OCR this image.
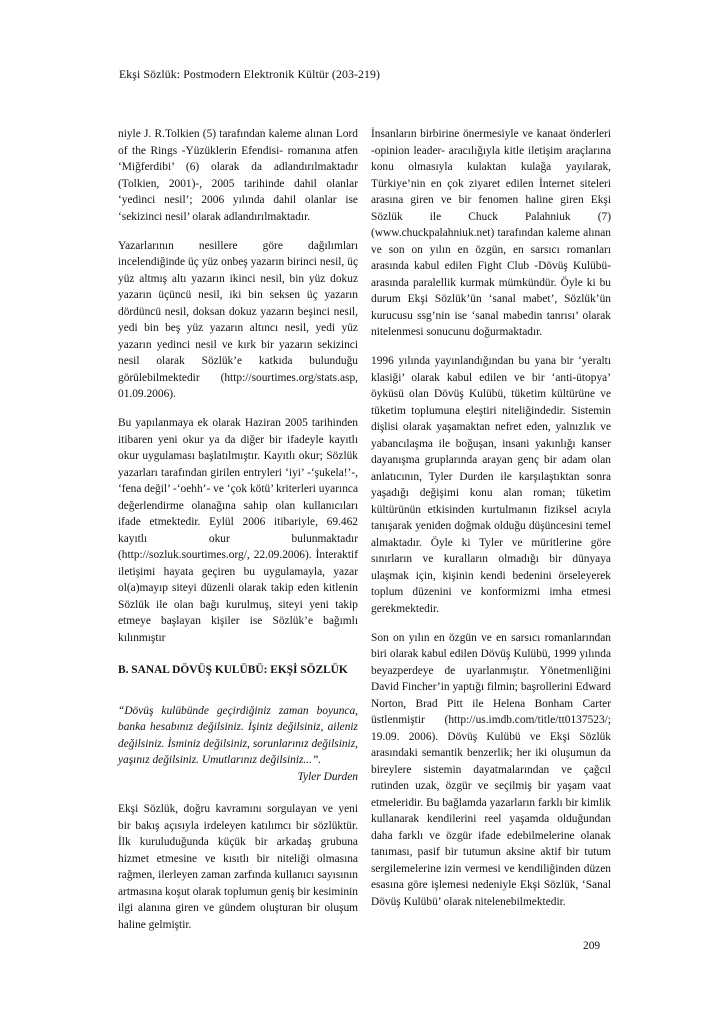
Ekşi Sözlük: Postmodern Elektronik Kültür (203-219)

niyle J. R.Tolkien (5) tarafından kaleme alınan Lord of the Rings -Yüzüklerin Efendisi- romanına atfen ‘Miğferdibi’ (6) olarak da adlandırılmaktadır (Tolkien, 2001)-, 2005 tarihinde dahil olanlar ‘yedinci nesil’; 2006 yılında dahil olanlar ise ‘sekizinci nesil’ olarak adlandırılmaktadır.

Yazarlarının nesillere göre dağılımları incelendiğinde üç yüz onbeş yazarın birinci nesil, üç yüz altmış altı yazarın ikinci nesil, bin yüz dokuz yazarın üçüncü nesil, iki bin seksen üç yazarın dördüncü nesil, doksan dokuz yazarın beşinci nesil, yedi bin beş yüz yazarın altıncı nesil, yedi yüz yazarın yedinci nesil ve kırk bir yazarın sekizinci nesil olarak Sözlük’e katkıda bulunduğu görülebilmektedir (http://sourtimes.org/stats.asp, 01.09.2006).

Bu yapılanmaya ek olarak Haziran 2005 tarihinden itibaren yeni okur ya da diğer bir ifadeyle kayıtlı okur uygulaması başlatılmıştır. Kayıtlı okur; Sözlük yazarları tarafından girilen entryleri ‘iyi’ -‘şukela!’-, ‘fena değil’ -‘oehh’- ve ‘çok kötü’ kriterleri uyarınca değerlendirme olanağına sahip olan kullanıcıları ifade etmektedir. Eylül 2006 itibariyle, 69.462 kayıtlı okur bulunmaktadır (http://sozluk.sourtimes.org/, 22.09.2006). İnteraktif iletişimi hayata geçiren bu uygulamayla, yazar ol(a)mayıp siteyi düzenli olarak takip eden kitlenin Sözlük ile olan bağı kurulmuş, siteyi yeni takip etmeye başlayan kişiler ise Sözlük’e bağımlı kılınmıştır

B. SANAL DÖVÜŞ KULÜBÜ: EKŞİ SÖZLÜK

“Dövüş kulübünde geçirdiğiniz zaman boyunca, banka hesabınız değilsiniz. İşiniz değilsiniz, aileniz değilsiniz. İsminiz değilsiniz, sorunlarınız değilsiniz, yaşınız değilsiniz. Umutlarınız değilsiniz...”.

Tyler Durden

Ekşi Sözlük, doğru kavramını sorgulayan ve yeni bir bakış açısıyla irdeleyen katılımcı bir sözlüktür. İlk kuruluduğunda küçük bir arkadaş grubuna hizmet etmesine ve kısıtlı bir niteliği olmasına rağmen, ilerleyen zaman zarfında kullanıcı sayısının artmasına koşut olarak toplumun geniş bir kesiminin ilgi alanına giren ve gündem oluşturan bir oluşum haline gelmiştir.

İnsanların birbirine önermesiyle ve kanaat önderleri -opinion leader- aracılığıyla kitle iletişim araçlarına konu olmasıyla kulaktan kulağa yayılarak, Türkiye’nin en çok ziyaret edilen İnternet siteleri arasına giren ve bir fenomen haline giren Ekşi Sözlük ile Chuck Palahniuk (7) (www.chuckpalahniuk.net) tarafından kaleme alınan ve son on yılın en özgün, en sarsıcı romanları arasında kabul edilen Fight Club -Dövüş Kulübü- arasında paralellik kurmak mümkündür. Öyle ki bu durum Ekşi Sözlük’ün ‘sanal mabet’, Sözlük’ün kurucusu ssg’nin ise ‘sanal mabedin tanrısı’ olarak nitelenmesi sonucunu doğurmaktadır.

1996 yılında yayınlandığından bu yana bir ‘yeraltı klasiği’ olarak kabul edilen ve bir ‘anti-ütopya’ öyküsü olan Dövüş Kulübü, tüketim kültürüne ve tüketim toplumuna eleştiri niteliğindedir. Sistemin dişlisi olarak yaşamaktan nefret eden, yalnızlık ve yabancılaşma ile boğuşan, insani yakınlığı kanser dayanışma gruplarında arayan genç bir adam olan anlatıcının, Tyler Durden ile karşılaştıktan sonra yaşadığı değişimi konu alan roman; tüketim kültürünün etkisinden kurtulmanın fiziksel acıyla tanışarak yeniden doğmak olduğu düşüncesini temel almaktadır. Öyle ki Tyler ve müritlerine göre sınırların ve kuralların olmadığı bir dünyaya ulaşmak için, kişinin kendi bedenini örseleyerek toplum düzenini ve konformizmi imha etmesi gerekmektedir.

Son on yılın en özgün ve en sarsıcı romanlarından biri olarak kabul edilen Dövüş Kulübü, 1999 yılında beyazperdeye de uyarlanmıştır. Yönetmenliğini David Fincher’in yaptığı filmin; başrollerini Edward Norton, Brad Pitt ile Helena Bonham Carter üstlenmiştir (http://us.imdb.com/title/tt0137523/; 19.09. 2006). Dövüş Kulübü ve Ekşi Sözlük arasındaki semantik benzerlik; her iki oluşumun da bireylere sistemin dayatmalarından ve çağcıl rutinden uzak, özgür ve seçilmiş bir yaşam vaat etmeleridir. Bu bağlamda yazarların farklı bir kimlik kullanarak kendilerini reel yaşamda olduğundan daha farklı ve özgür ifade edebilmelerine olanak tanıması, pasif bir tutumun aksine aktif bir tutum sergilemelerine izin vermesi ve kendiliğinden düzen esasına göre işlemesi nedeniyle Ekşi Sözlük, ‘Sanal Dövüş Kulübü’ olarak nitelenebilmektedir.

209
